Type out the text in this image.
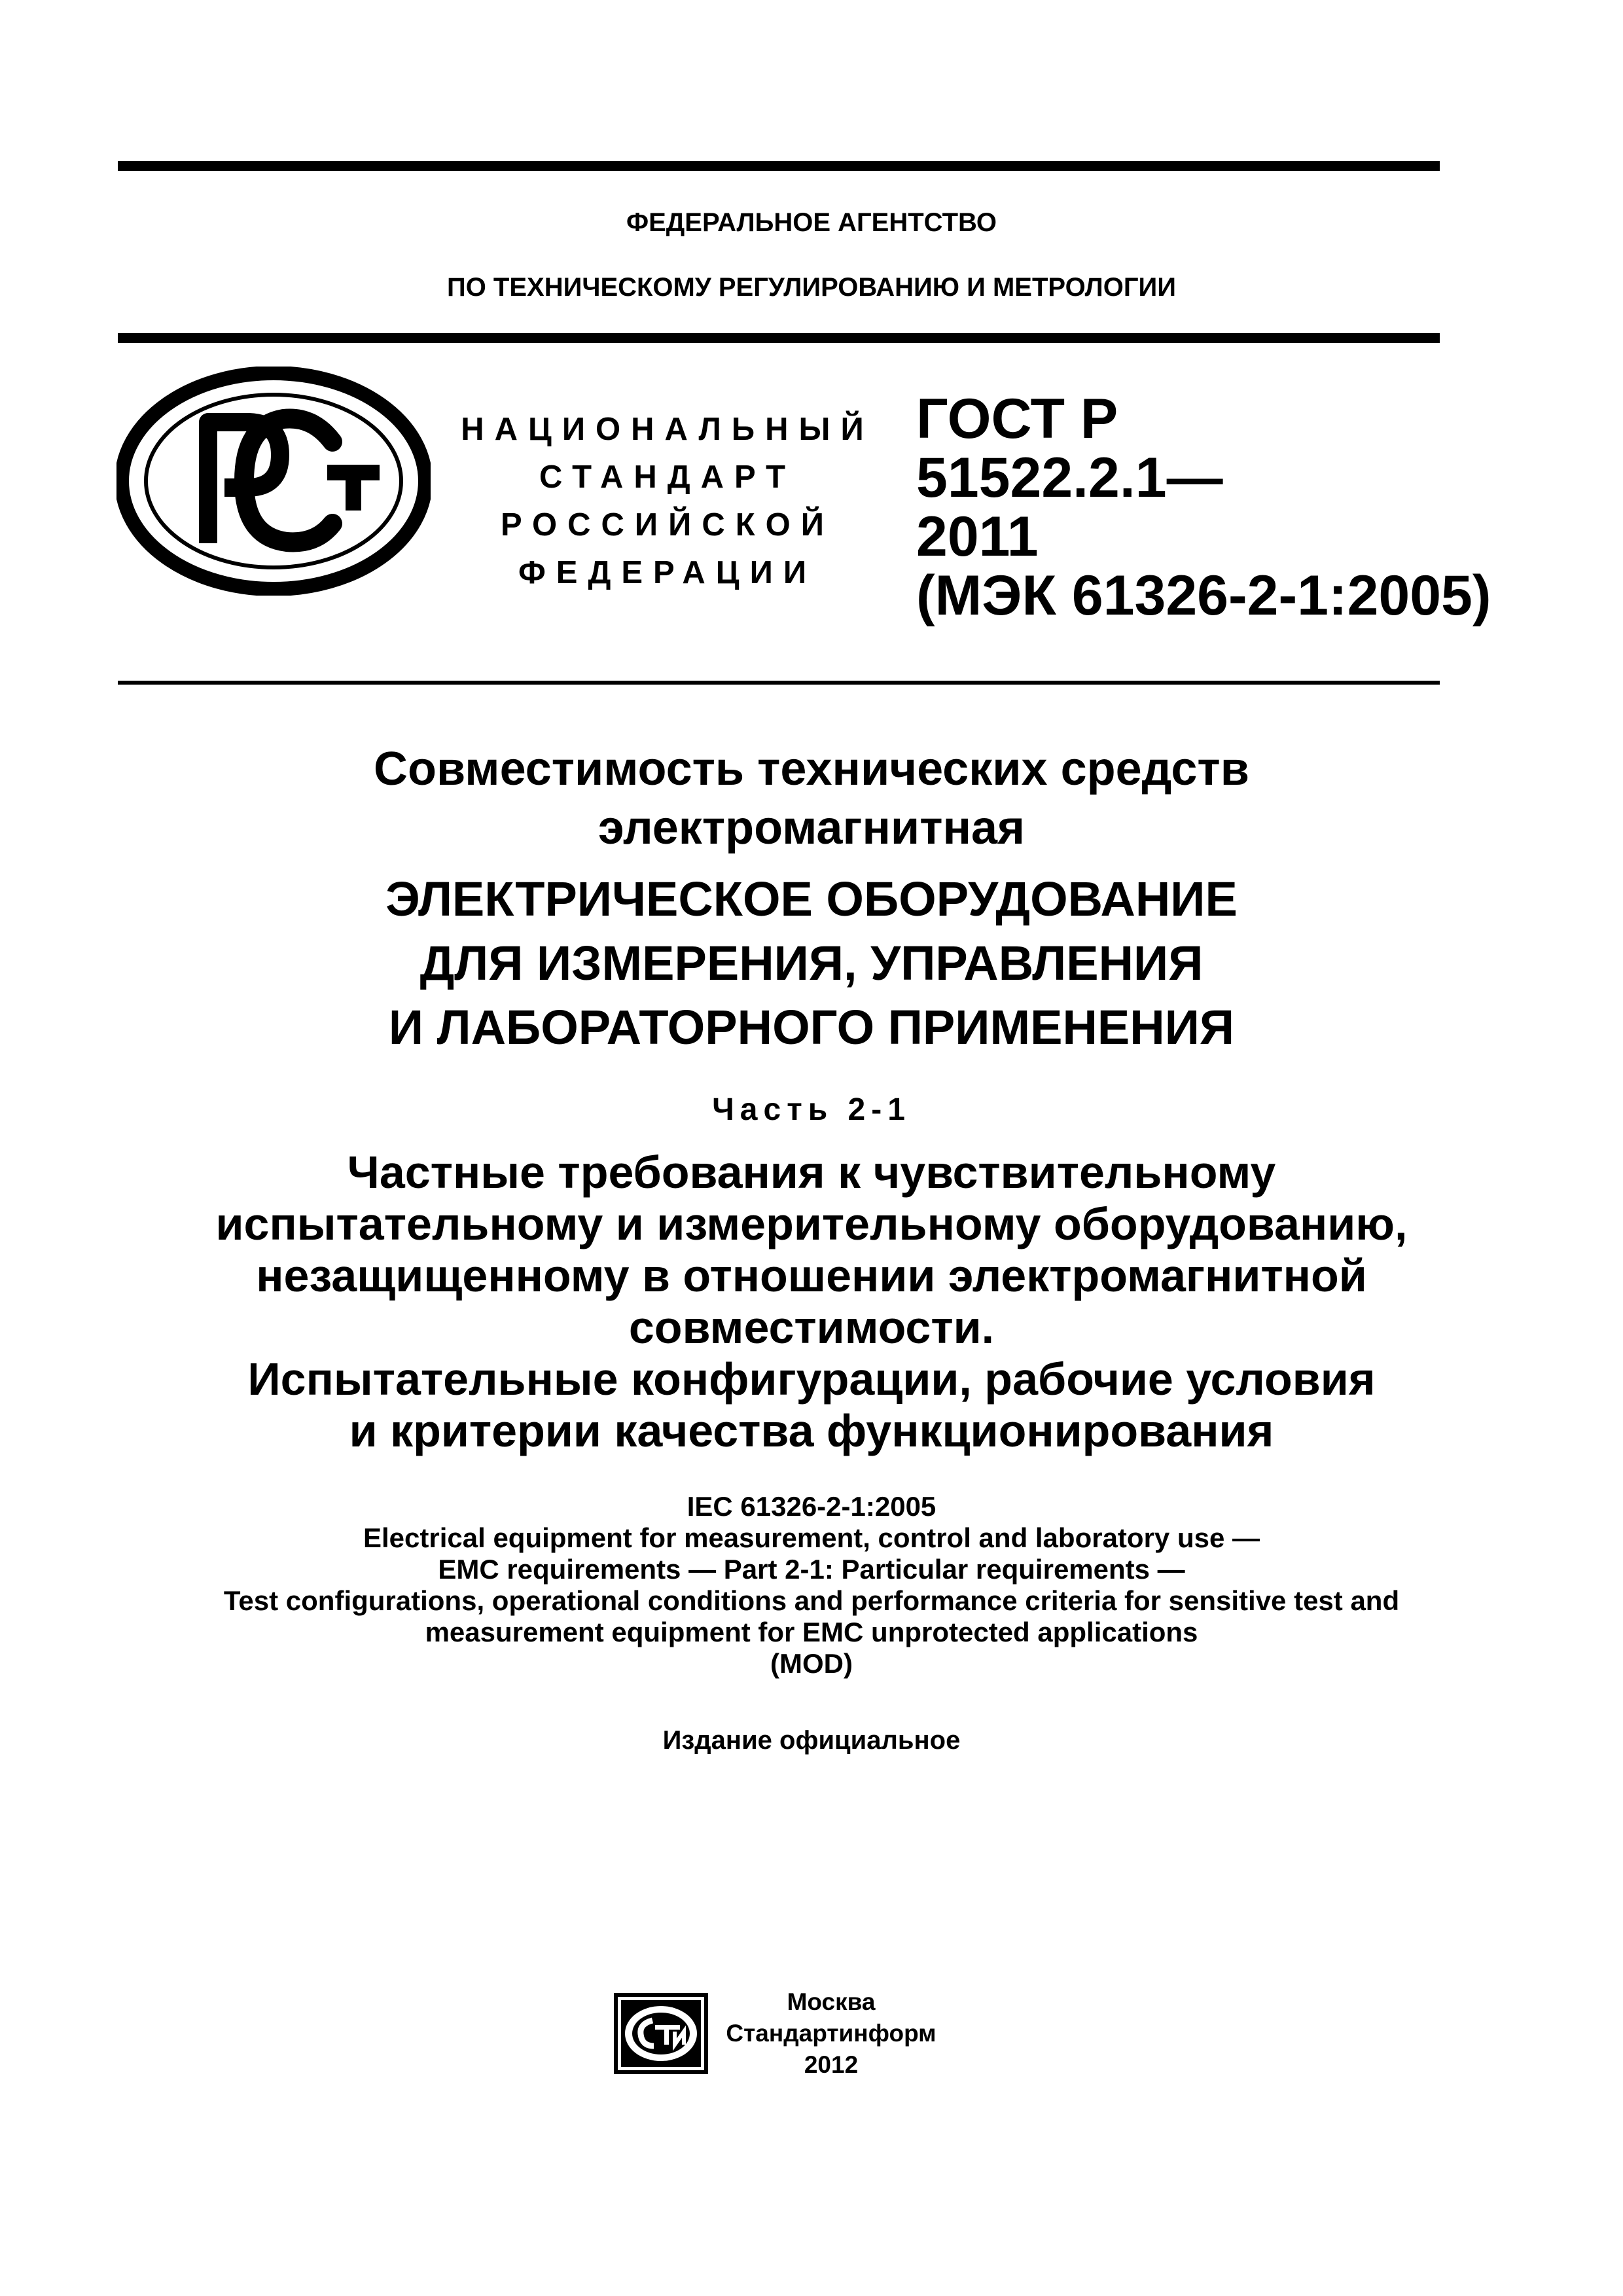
ФЕДЕРАЛЬНОЕ АГЕНТСТВО
ПО ТЕХНИЧЕСКОМУ РЕГУЛИРОВАНИЮ И МЕТРОЛОГИИ
НАЦИОНАЛЬНЫЙ
СТАНДАРТ
РОССИЙСКОЙ
ФЕДЕРАЦИИ
ГОСТ Р
51522.2.1—
2011
(МЭК 61326-2-1:2005)
Совместимость технических средств
электромагнитная
ЭЛЕКТРИЧЕСКОЕ ОБОРУДОВАНИЕ
ДЛЯ ИЗМЕРЕНИЯ, УПРАВЛЕНИЯ
И ЛАБОРАТОРНОГО ПРИМЕНЕНИЯ
Часть 2-1
Частные требования к чувствительному
испытательному и измерительному оборудованию,
незащищенному в отношении электромагнитной
совместимости.
Испытательные конфигурации, рабочие условия
и критерии качества функционирования
IEC 61326-2-1:2005
Electrical equipment for measurement, control and laboratory use —
EMC requirements — Part 2-1: Particular requirements —
Test configurations, operational conditions and performance criteria for sensitive test and
measurement equipment for EMC unprotected applications
(MOD)
Издание официальное
Москва
Стандартинформ
2012
